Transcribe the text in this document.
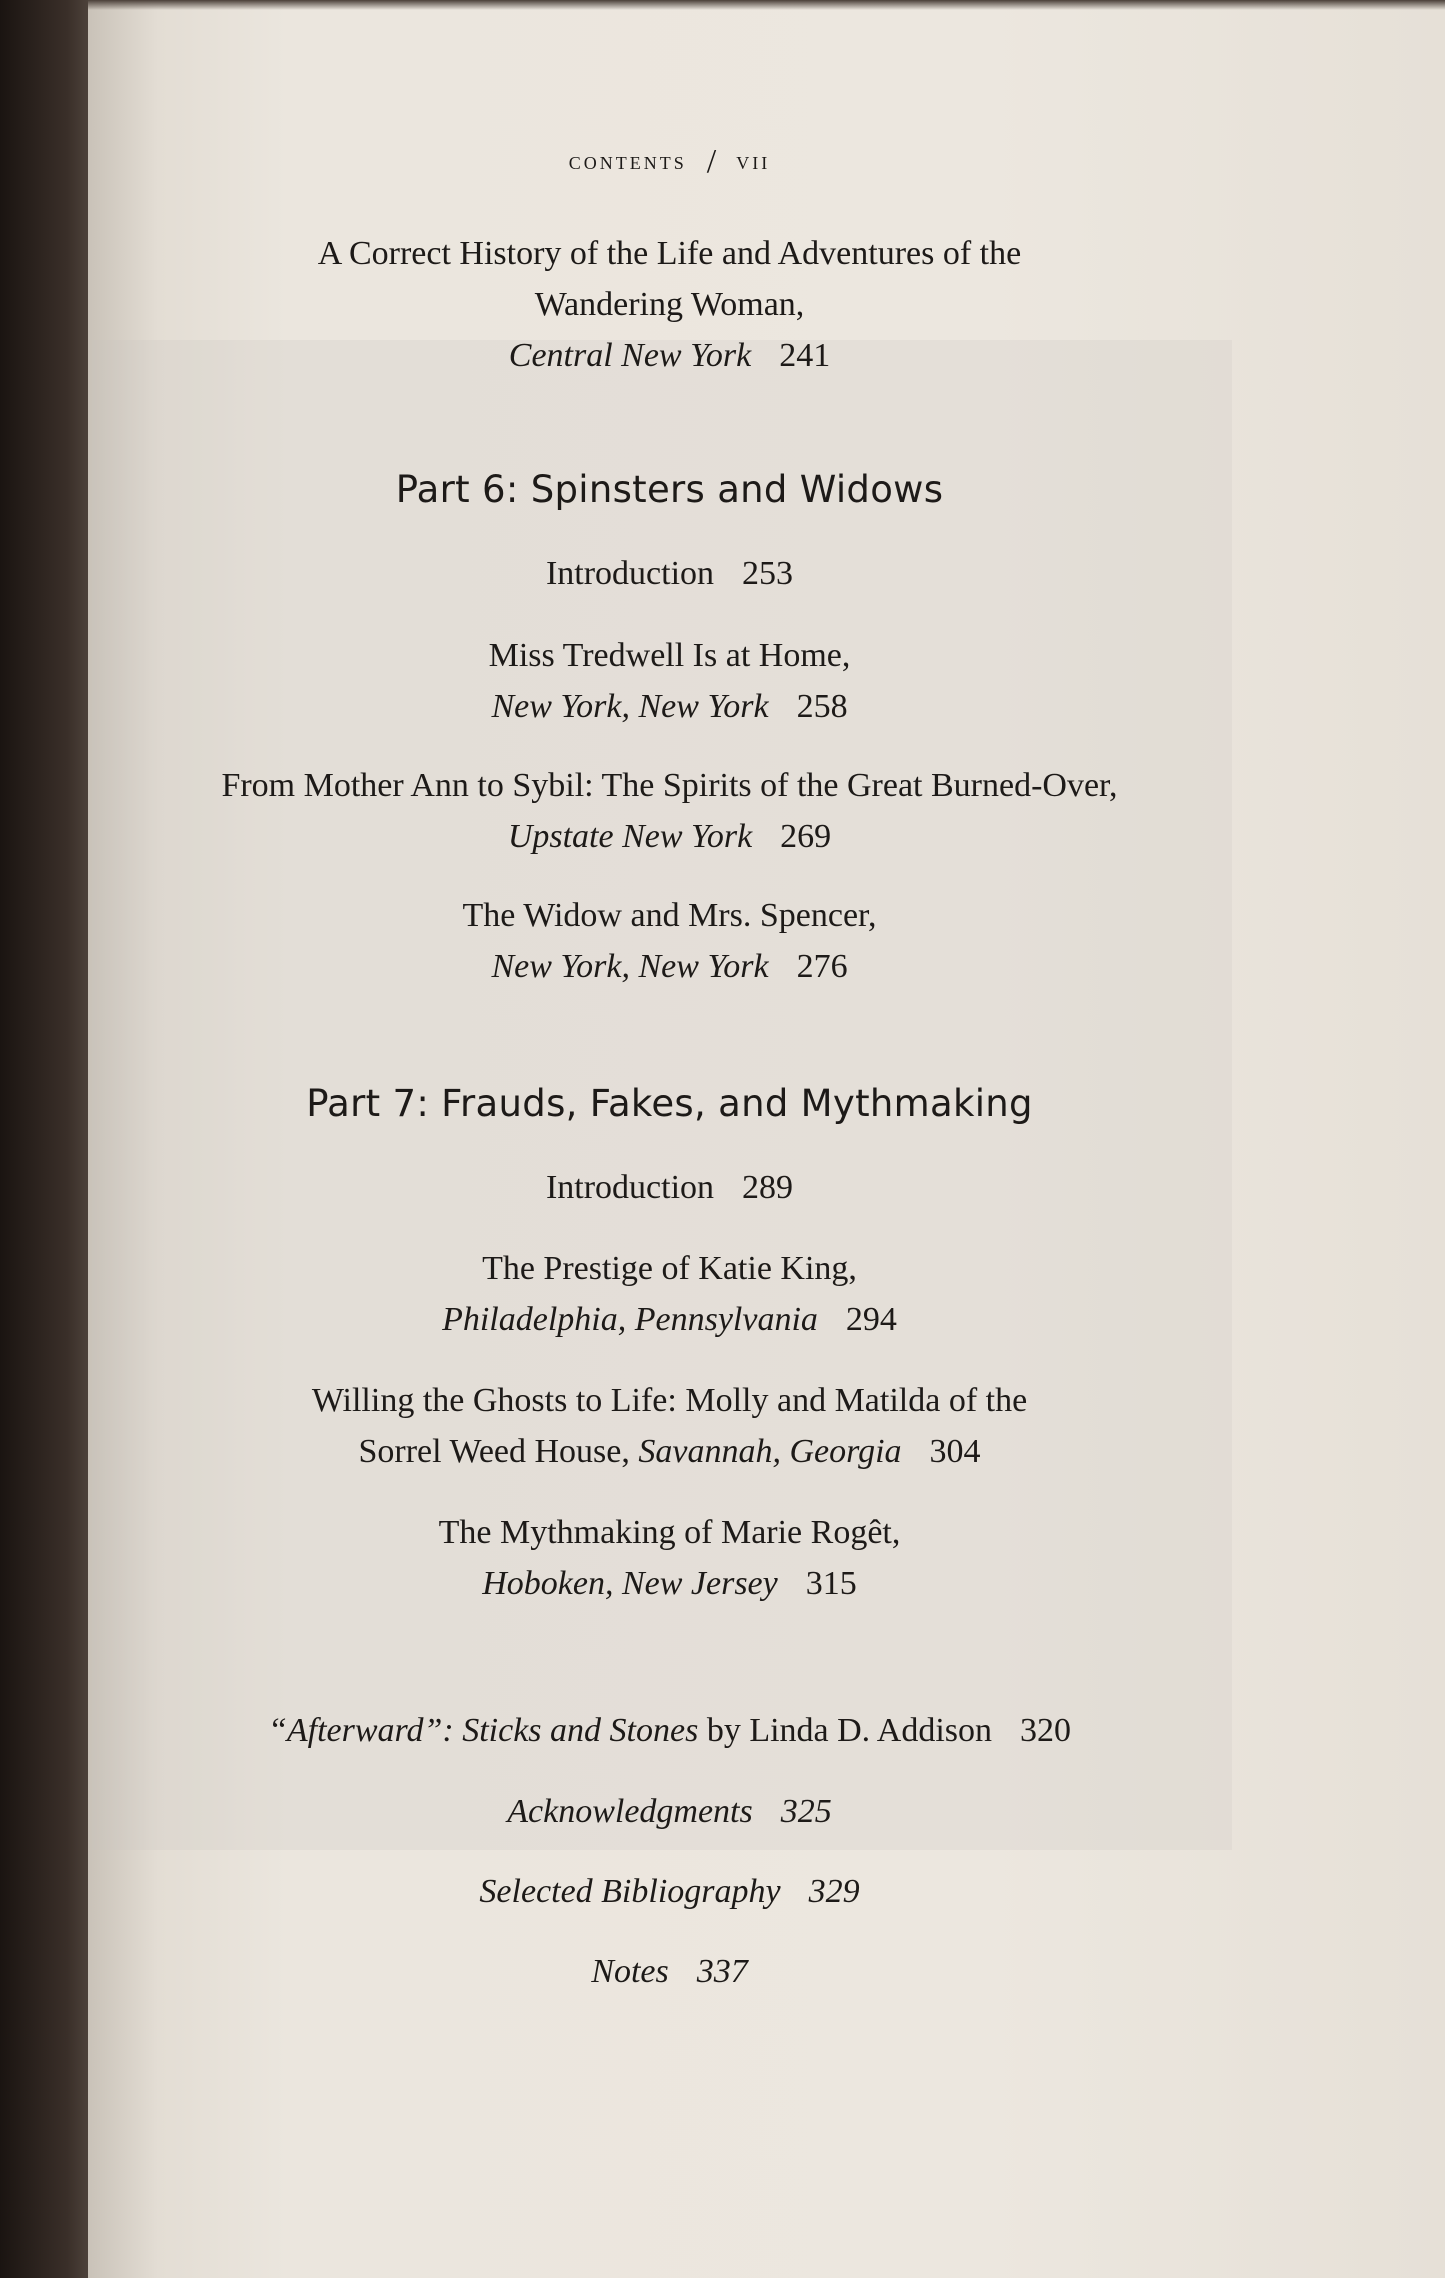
contents / vii
A Correct History of the Life and Adventures of the
Wandering Woman,
Central New York 241
Part 6: Spinsters and Widows
Introduction 253
Miss Tredwell Is at Home,
New York, New York 258
From Mother Ann to Sybil: The Spirits of the Great Burned-Over,
Upstate New York 269
The Widow and Mrs. Spencer,
New York, New York 276
Part 7: Frauds, Fakes, and Mythmaking
Introduction 289
The Prestige of Katie King,
Philadelphia, Pennsylvania 294
Willing the Ghosts to Life: Molly and Matilda of the
Sorrel Weed House, Savannah, Georgia 304
The Mythmaking of Marie Rogêt,
Hoboken, New Jersey 315
“Afterward”: Sticks and Stones by Linda D. Addison 320
Acknowledgments 325
Selected Bibliography 329
Notes 337
